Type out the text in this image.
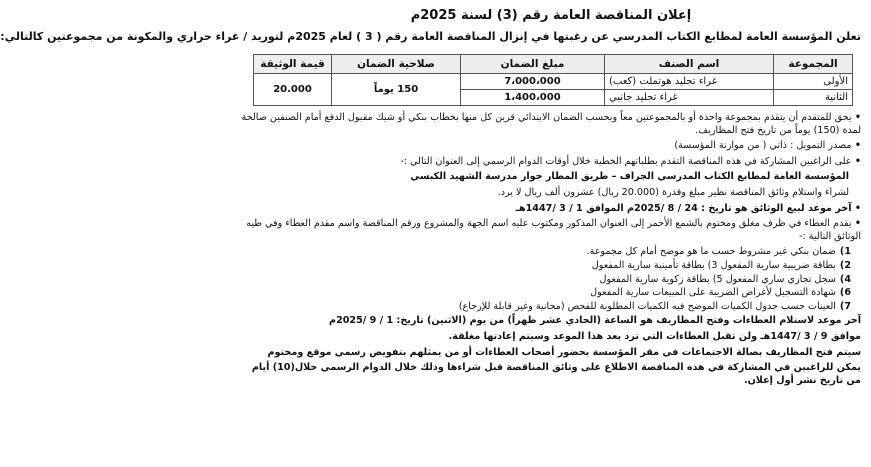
إعلان المناقصة العامة رقم (3) لسنة 2025م
تعلن المؤسسة العامة لمطابع الكتاب المدرسي عن رغبتها في إنزال المناقصة العامة رقم ( 3 ) لعام 2025م لتوريد / غراء حراري والمكونة من مجموعتين كالتالي:
المجموعة	اسم الصنف	مبلغ الضمان	صلاحية الضمان	قيمة الوثيقة
الأولى	غراء تجليد هوتملت (كعب)	7،000،000	150 يوماً	20.000
الثانية	غراء تجليد جانبي	1،400،000		
• يحق للمتقدم أن يتقدم بمجموعة واحدة أو بالمجموعتين معاً وبحسب الضمان الابتدائي قرين كل منها بخطاب بنكي أو شيك مقبول الدفع أمام الصنفين صالحة لمدة (150) يوماً من تاريخ فتح المظاريف.
• مصدر التمويل : ذاتي ( من موازنة المؤسسة)
• على الراغبين المشاركة في هذه المناقصة التقدم بطلباتهم الخطية خلال أوقات الدوام الرسمي إلى العنوان التالي :-
المؤسسة العامة لمطابع الكتاب المدرسي الجراف – طريق المطار جوار مدرسة الشهيد الكبسي
لشراء واستلام وثائق المناقصة نظير مبلغ وقدرة (20.000 ريال) عشرون ألف ريال لا يرد.
• آخر موعد لبيع الوثائق هو تاريخ : 24 / 8 /2025م الموافق 1 / 3 /1447هـ
• يقدم العطاء في ظرف مغلق ومختوم بالشمع الأحمر إلى العنوان المذكور ومكتوب عليه اسم الجهة والمشروع ورقم المناقصة واسم مقدم العطاء وفي طيه الوثائق التالية :-
1)ضمان بنكي غير مشروط حسب ما هو موضح أمام كل مجموعة.
2)بطاقة ضريبية سارية المفعول 3) بطاقة تأمينية سارية المفعول
4)سجل تجاري ساري المفعول 5) بطاقة زكوية سارية المفعول
6)شهادة التسجيل لأغراض الضريبة على المبيعات سارية المفعول
7)العينات حسب جدول الكميات الموضح فيه الكميات المطلوبة للفحص (مجانية وغير قابلة للإرجاع)
آخر موعد لاستلام العطاءات وفتح المظاريف هو الساعة (الحادي عشر ظهراً) من يوم (الاثنين) تاريخ: 1 / 9 /2025م
موافق 9 / 3 /1447هـ ولن تقبل العطاءات التي ترد بعد هذا الموعد وسيتم إعادتها مغلقة.
سيتم فتح المظاريف بصالة الاجتماعات في مقر المؤسسة بحضور أصحاب العطاءات أو من يمثلهم بتفويض رسمي موقع ومختوم
يمكن للراغبين في المشاركة في هذه المناقصة الاطلاع على وثائق المناقصة قبل شراءها وذلك خلال الدوام الرسمي خلال(10) أيام من تاريخ نشر أول إعلان.
